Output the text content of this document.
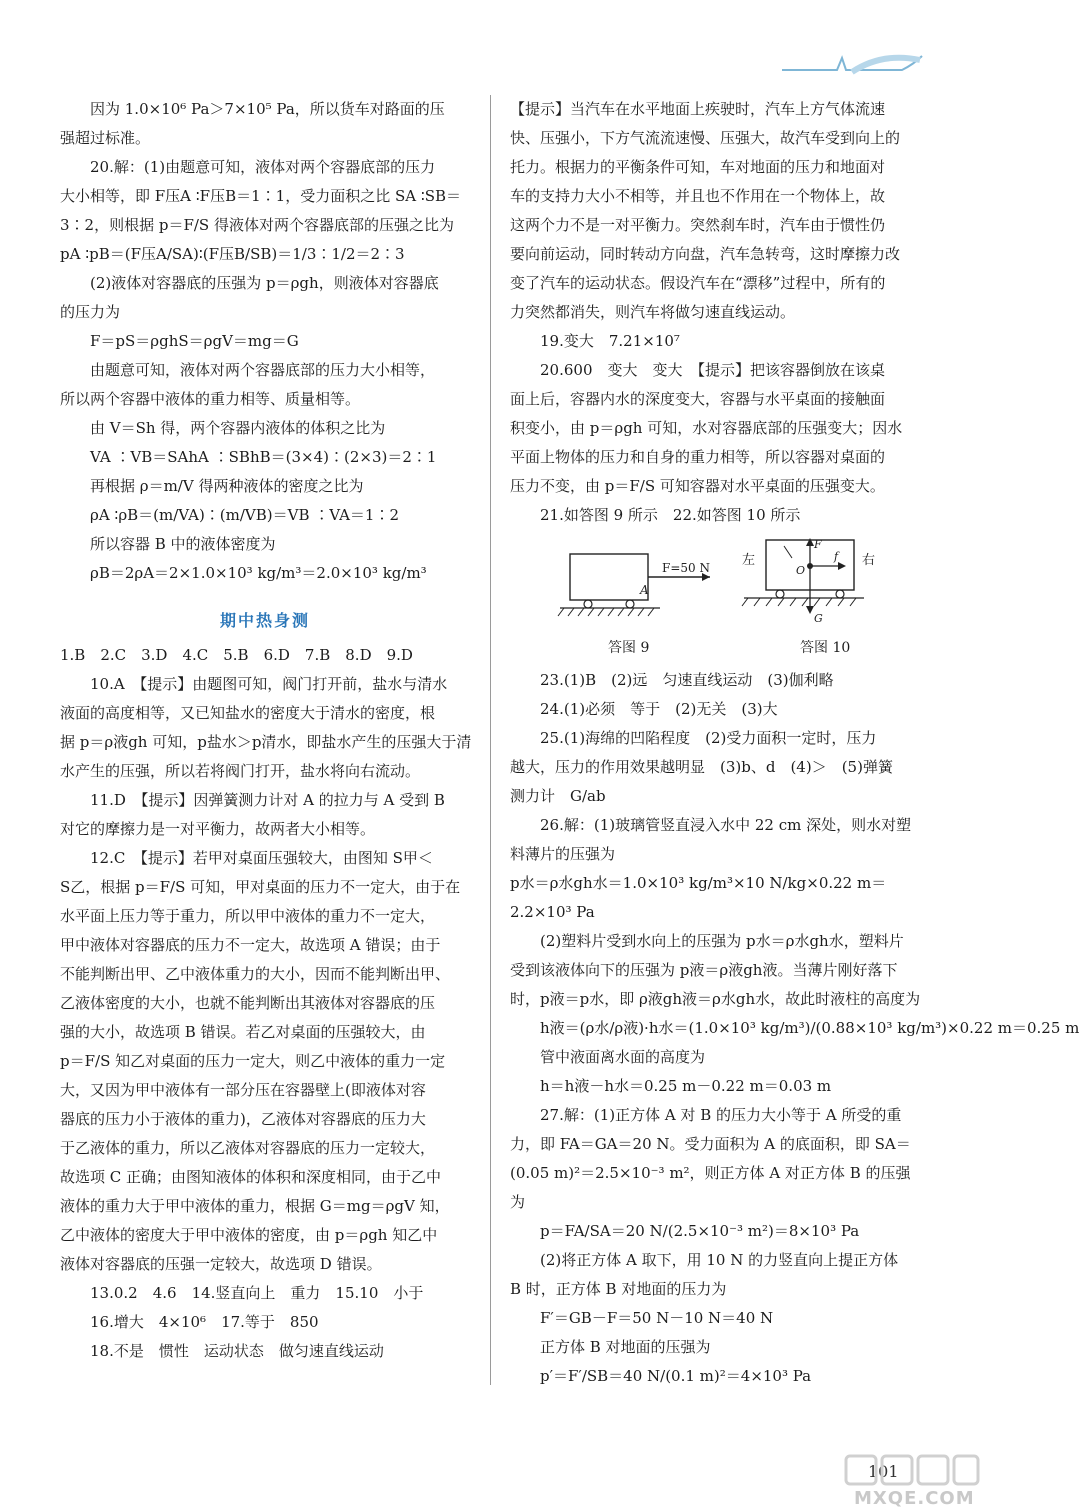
　　因为 1.0×10⁶ Pa＞7×10⁵ Pa，所以货车对路面的压
强超过标准。
　　20.解：(1)由题意可知，液体对两个容器底部的压力
大小相等，即 F压A ∶F压B＝1∶1，受力面积之比 SA ∶SB＝
3∶2，则根据 p＝F/S 得液体对两个容器底部的压强之比为
pA ∶pB＝(F压A/SA)∶(F压B/SB)＝1/3∶1/2＝2∶3
　　(2)液体对容器底的压强为 p＝ρgh，则液体对容器底
的压力为
　　F＝pS＝ρghS＝ρgV＝mg＝G
　　由题意可知，液体对两个容器底部的压力大小相等，
所以两个容器中液体的重力相等、质量相等。
　　由 V＝Sh 得，两个容器内液体的体积之比为
　　VA ∶VB＝SAhA ∶SBhB＝(3×4)∶(2×3)＝2∶1
　　再根据 ρ＝m/V 得两种液体的密度之比为
　　ρA ∶ρB＝(m/VA)∶(m/VB)＝VB ∶VA＝1∶2
　　所以容器 B 中的液体密度为
　　ρB＝2ρA＝2×1.0×10³ kg/m³＝2.0×10³ kg/m³
期中热身测
1.B　2.C　3.D　4.C　5.B　6.D　7.B　8.D　9.D
　　10.A　【提示】由题图可知，阀门打开前，盐水与清水
液面的高度相等，又已知盐水的密度大于清水的密度，根
据 p＝ρ液gh 可知，p盐水＞p清水，即盐水产生的压强大于清
水产生的压强，所以若将阀门打开，盐水将向右流动。
　　11.D　【提示】因弹簧测力计对 A 的拉力与 A 受到 B
对它的摩擦力是一对平衡力，故两者大小相等。
　　12.C　【提示】若甲对桌面压强较大，由图知 S甲＜
S乙，根据 p＝F/S 可知，甲对桌面的压力不一定大，由于在
水平面上压力等于重力，所以甲中液体的重力不一定大，
甲中液体对容器底的压力不一定大，故选项 A 错误；由于
不能判断出甲、乙中液体重力的大小，因而不能判断出甲、
乙液体密度的大小，也就不能判断出其液体对容器底的压
强的大小，故选项 B 错误。若乙对桌面的压强较大，由
p＝F/S 知乙对桌面的压力一定大，则乙中液体的重力一定
大，又因为甲中液体有一部分压在容器壁上(即液体对容
器底的压力小于液体的重力)，乙液体对容器底的压力大
于乙液体的重力，所以乙液体对容器底的压力一定较大，
故选项 C 正确；由图知液体的体积和深度相同，由于乙中
液体的重力大于甲中液体的重力，根据 G＝mg＝ρgV 知，
乙中液体的密度大于甲中液体的密度，由 p＝ρgh 知乙中
液体对容器底的压强一定较大，故选项 D 错误。
　　13.0.2　4.6　14.竖直向上　重力　15.10　小于
　　16.增大　4×10⁶　17.等于　850
　　18.不是　惯性　运动状态　做匀速直线运动
【提示】当汽车在水平地面上疾驶时，汽车上方气体流速
快、压强小，下方气流流速慢、压强大，故汽车受到向上的
托力。根据力的平衡条件可知，车对地面的压力和地面对
车的支持力大小不相等，并且也不作用在一个物体上，故
这两个力不是一对平衡力。突然刹车时，汽车由于惯性仍
要向前运动，同时转动方向盘，汽车急转弯，这时摩擦力改
变了汽车的运动状态。假设汽车在“漂移”过程中，所有的
力突然都消失，则汽车将做匀速直线运动。
　　19.变大　7.21×10⁷
　　20.600　变大　变大　【提示】把该容器倒放在该桌
面上后，容器内水的深度变大，容器与水平桌面的接触面
积变小，由 p＝ρgh 可知，水对容器底部的压强变大；因水
平面上物体的压力和自身的重力相等，所以容器对桌面的
压力不变，由 p＝F/S 可知容器对水平桌面的压强变大。
　　21.如答图 9 所示　22.如答图 10 所示
F=50 N
A
答图 9
左	右
F
f
O
G
答图 10
　　23.(1)B　(2)远　匀速直线运动　(3)伽利略
　　24.(1)必须　等于　(2)无关　(3)大
　　25.(1)海绵的凹陷程度　(2)受力面积一定时，压力
越大，压力的作用效果越明显　(3)b、d　(4)＞　(5)弹簧
测力计　G/ab
　　26.解：(1)玻璃管竖直浸入水中 22 cm 深处，则水对塑
料薄片的压强为
p水＝ρ水gh水＝1.0×10³ kg/m³×10 N/kg×0.22 m＝
2.2×10³ Pa
　　(2)塑料片受到水向上的压强为 p水＝ρ水gh水，塑料片
受到该液体向下的压强为 p液＝ρ液gh液。当薄片刚好落下
时，p液＝p水，即 ρ液gh液＝ρ水gh水，故此时液柱的高度为
　　h液＝(ρ水/ρ液)·h水＝(1.0×10³ kg/m³)/(0.88×10³ kg/m³)×0.22 m＝0.25 m
　　管中液面离水面的高度为
　　h＝h液－h水＝0.25 m－0.22 m＝0.03 m
　　27.解：(1)正方体 A 对 B 的压力大小等于 A 所受的重
力，即 FA＝GA＝20 N。受力面积为 A 的底面积，即 SA＝
(0.05 m)²＝2.5×10⁻³ m²，则正方体 A 对正方体 B 的压强
为
　　p＝FA/SA＝20 N/(2.5×10⁻³ m²)＝8×10³ Pa
　　(2)将正方体 A 取下，用 10 N 的力竖直向上提正方体
B 时，正方体 B 对地面的压力为
　　F′＝GB－F＝50 N－10 N＝40 N
　　正方体 B 对地面的压强为
　　p′＝F′/SB＝40 N/(0.1 m)²＝4×10³ Pa
101
MXQE.COM
